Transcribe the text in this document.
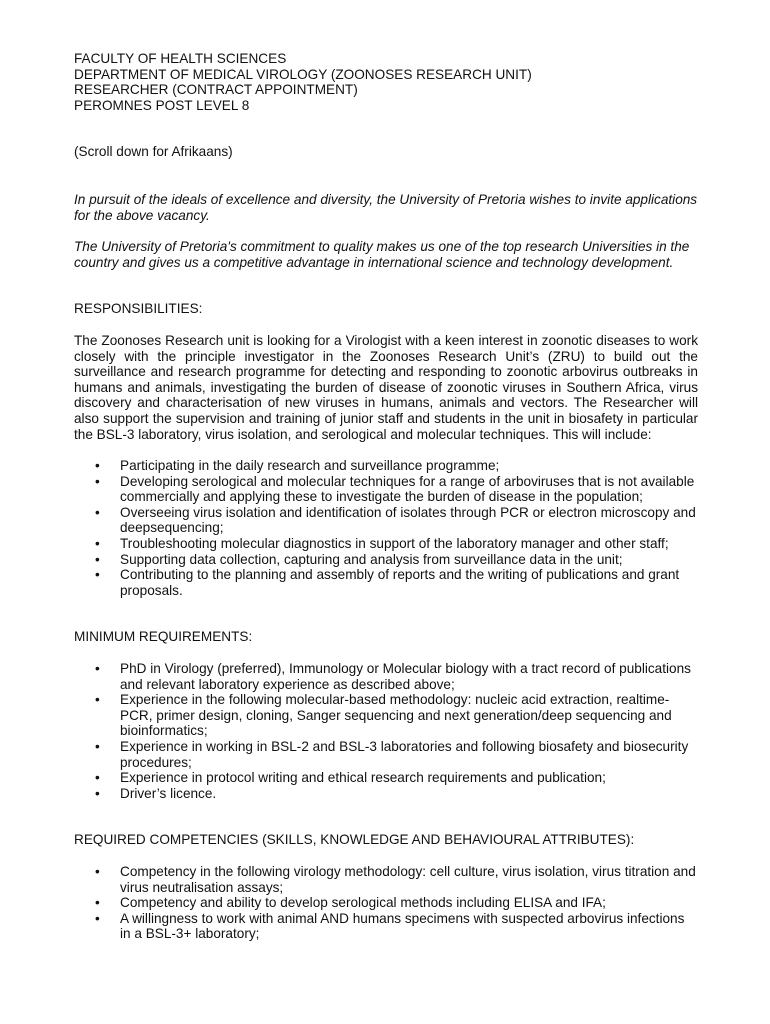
FACULTY OF HEALTH SCIENCES
DEPARTMENT OF MEDICAL VIROLOGY (ZOONOSES RESEARCH UNIT)
RESEARCHER (CONTRACT APPOINTMENT)
PEROMNES POST LEVEL 8

(Scroll down for Afrikaans)

In pursuit of the ideals of excellence and diversity, the University of Pretoria wishes to invite applications for the above vacancy.

The University of Pretoria's commitment to quality makes us one of the top research Universities in the country and gives us a competitive advantage in international science and technology development.

RESPONSIBILITIES:

The Zoonoses Research unit is looking for a Virologist with a keen interest in zoonotic diseases to work closely with the principle investigator in the Zoonoses Research Unit’s (ZRU) to build out the surveillance and research programme for detecting and responding to zoonotic arbovirus outbreaks in humans and animals, investigating the burden of disease of zoonotic viruses in Southern Africa, virus discovery and characterisation of new viruses in humans, animals and vectors. The Researcher will also support the supervision and training of junior staff and students in the unit in biosafety in particular the BSL-3 laboratory, virus isolation, and serological and molecular techniques. This will include:

• Participating in the daily research and surveillance programme;
• Developing serological and molecular techniques for a range of arboviruses that is not available commercially and applying these to investigate the burden of disease in the population;
• Overseeing virus isolation and identification of isolates through PCR or electron microscopy and deepsequencing;
• Troubleshooting molecular diagnostics in support of the laboratory manager and other staff;
• Supporting data collection, capturing and analysis from surveillance data in the unit;
• Contributing to the planning and assembly of reports and the writing of publications and grant proposals.

MINIMUM REQUIREMENTS:

• PhD in Virology (preferred), Immunology or Molecular biology with a tract record of publications and relevant laboratory experience as described above;
• Experience in the following molecular-based methodology: nucleic acid extraction, realtime-PCR, primer design, cloning, Sanger sequencing and next generation/deep sequencing and bioinformatics;
• Experience in working in BSL-2 and BSL-3 laboratories and following biosafety and biosecurity procedures;
• Experience in protocol writing and ethical research requirements and publication;
• Driver’s licence.

REQUIRED COMPETENCIES (SKILLS, KNOWLEDGE AND BEHAVIOURAL ATTRIBUTES):

• Competency in the following virology methodology: cell culture, virus isolation, virus titration and virus neutralisation assays;
• Competency and ability to develop serological methods including ELISA and IFA;
• A willingness to work with animal AND humans specimens with suspected arbovirus infections in a BSL-3+ laboratory;
